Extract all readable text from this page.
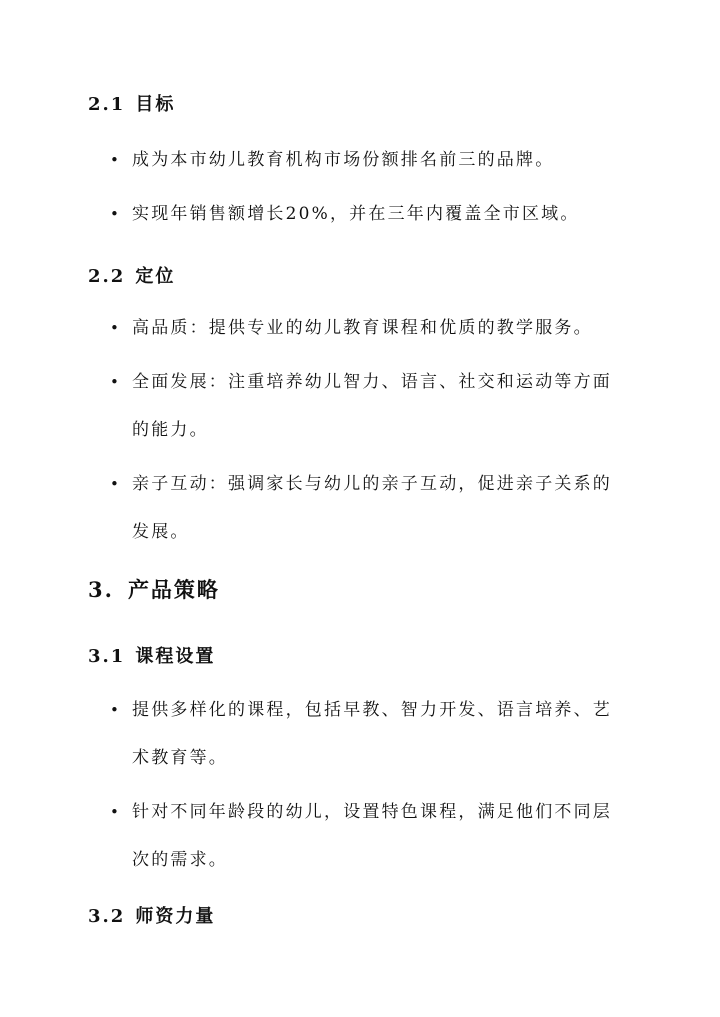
2.1 目标
• 成为本市幼儿教育机构市场份额排名前三的品牌。
• 实现年销售额增长20%，并在三年内覆盖全市区域。
2.2 定位
• 高品质：提供专业的幼儿教育课程和优质的教学服务。
• 全面发展：注重培养幼儿智力、语言、社交和运动等方面的能力。
• 亲子互动：强调家长与幼儿的亲子互动，促进亲子关系的发展。
3. 产品策略
3.1 课程设置
• 提供多样化的课程，包括早教、智力开发、语言培养、艺术教育等。
• 针对不同年龄段的幼儿，设置特色课程，满足他们不同层次的需求。
3.2 师资力量
